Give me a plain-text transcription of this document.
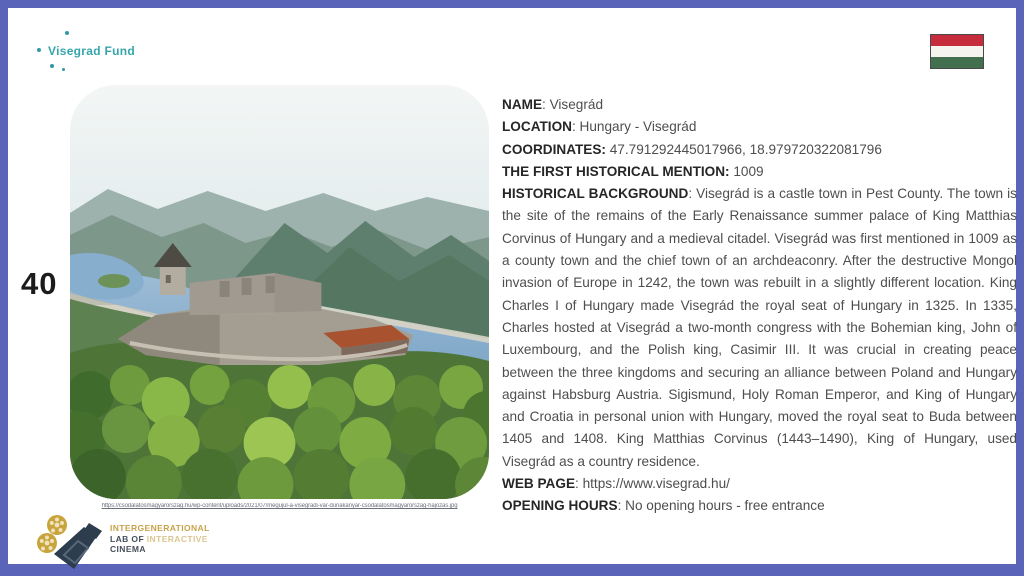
Visegrad Fund
40
https://csodalatosmagyarorszag.hu/wp-content/uploads/2021/07/megujul-a-visegradi-var-dunakanyar-csodalatosmagyarorszag-hajozas.jpg
INTERGENERATIONAL
LAB OF INTERACTIVE
CINEMA
NAME: Visegrád
LOCATION: Hungary - Visegrád
COORDINATES: 47.791292445017966, 18.979720322081796
THE FIRST HISTORICAL MENTION: 1009

HISTORICAL BACKGROUND: Visegrád is a castle town in Pest County. The town is the site of the remains of the Early Renaissance summer palace of King Matthias Corvinus of Hungary and a medieval citadel. Visegrád was first mentioned in 1009 as a county town and the chief town of an archdeaconry. After the destructive Mongol invasion of Europe in 1242, the town was rebuilt in a slightly different location. King Charles I of Hungary made Visegrád the royal seat of Hungary in 1325. In 1335, Charles hosted at Visegrád a two-month congress with the Bohemian king, John of Luxembourg, and the Polish king, Casimir III. It was crucial in creating peace between the three kingdoms and securing an alliance between Poland and Hungary against Habsburg Austria. Sigismund, Holy Roman Emperor, and King of Hungary and Croatia in personal union with Hungary, moved the royal seat to Buda between 1405 and 1408. King Matthias Corvinus (1443–1490), King of Hungary, used Visegrád as a country residence.

WEB PAGE: https://www.visegrad.hu/
OPENING HOURS: No opening hours - free entrance
